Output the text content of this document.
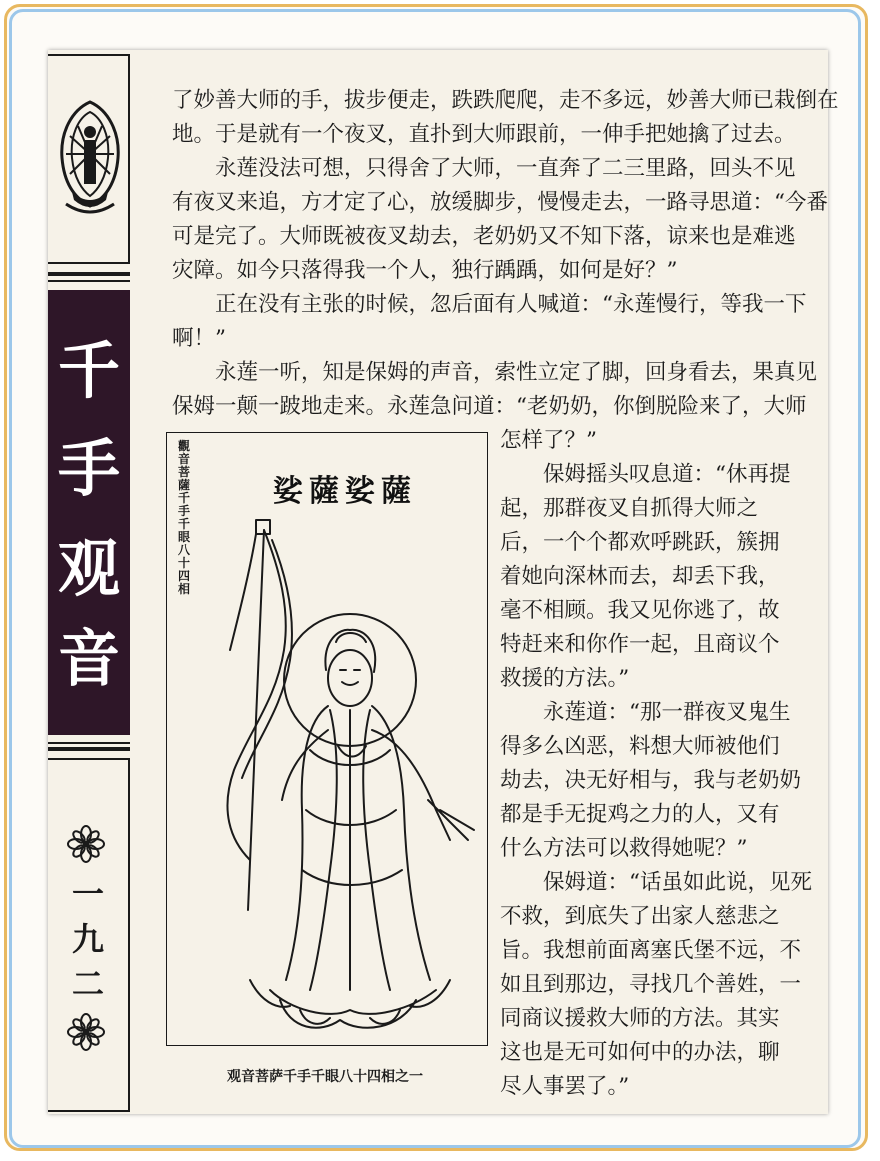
千
手
观
音
一
九
二
了妙善大师的手，拔步便走，跌跌爬爬，走不多远，妙善大师已栽倒在
地。于是就有一个夜叉，直扑到大师跟前，一伸手把她擒了过去。
　　永莲没法可想，只得舍了大师，一直奔了二三里路，回头不见
有夜叉来追，方才定了心，放缓脚步，慢慢走去，一路寻思道：“今番
可是完了。大师既被夜叉劫去，老奶奶又不知下落，谅来也是难逃
灾障。如今只落得我一个人，独行踽踽，如何是好？”
　　正在没有主张的时候，忽后面有人喊道：“永莲慢行，等我一下
啊！”
　　永莲一听，知是保姆的声音，索性立定了脚，回身看去，果真见
保姆一颠一跛地走来。永莲急问道：“老奶奶，你倒脱险来了，大师
怎样了？”
　　保姆摇头叹息道：“休再提
起，那群夜叉自抓得大师之
后，一个个都欢呼跳跃，簇拥
着她向深林而去，却丢下我，
毫不相顾。我又见你逃了，故
特赶来和你作一起，且商议个
救援的方法。”
　　永莲道：“那一群夜叉鬼生
得多么凶恶，料想大师被他们
劫去，决无好相与，我与老奶奶
都是手无捉鸡之力的人，又有
什么方法可以救得她呢？”
　　保姆道：“话虽如此说，见死
不救，到底失了出家人慈悲之
旨。我想前面离塞氏堡不远，不
如且到那边，寻找几个善姓，一
同商议援救大师的方法。其实
这也是无可如何中的办法，聊
尽人事罢了。”
觀音菩薩千手千眼八十四相
娑薩娑薩
观音菩萨千手千眼八十四相之一
